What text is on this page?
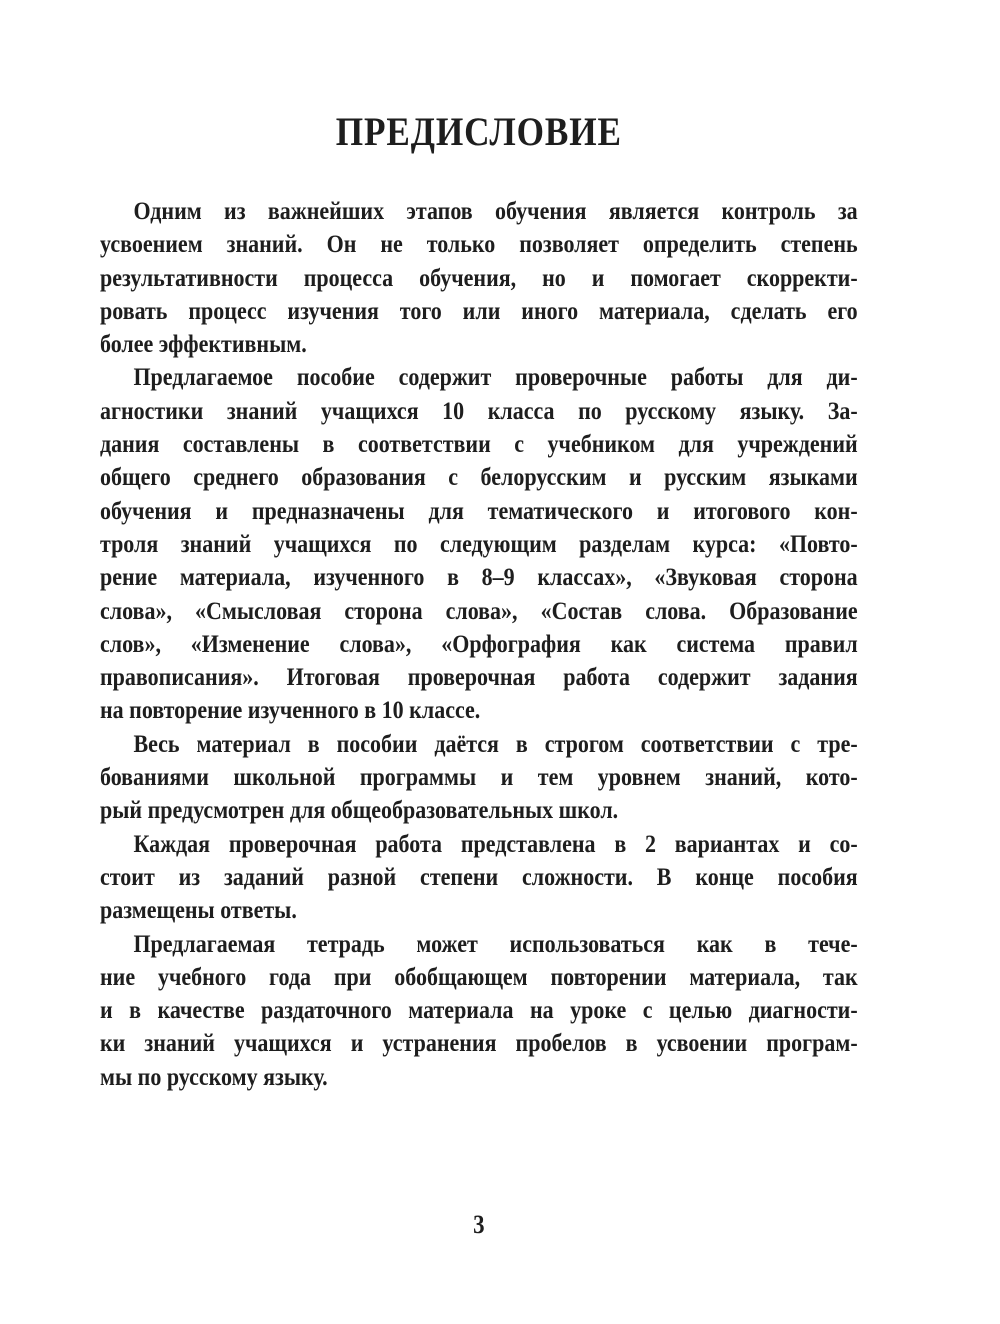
ПРЕДИСЛОВИЕ
Одним из важнейших этапов обучения является контроль за
усвоением знаний. Он не только позволяет определить степень
результативности процесса обучения, но и помогает скорректи-
ровать процесс изучения того или иного материала, сделать его
более эффективным.
Предлагаемое пособие содержит проверочные работы для ди-
агностики знаний учащихся 10 класса по русскому языку. За-
дания составлены в соответствии с учебником для учреждений
общего среднего образования с белорусским и русским языками
обучения и предназначены для тематического и итогового кон-
троля знаний учащихся по следующим разделам курса: «Повто-
рение материала, изученного в 8–9 классах», «Звуковая сторона
слова», «Смысловая сторона слова», «Состав слова. Образование
слов», «Изменение слова», «Орфография как система правил
правописания». Итоговая проверочная работа содержит задания
на повторение изученного в 10 классе.
Весь материал в пособии даётся в строгом соответствии с тре-
бованиями школьной программы и тем уровнем знаний, кото-
рый предусмотрен для общеобразовательных школ.
Каждая проверочная работа представлена в 2 вариантах и со-
стоит из заданий разной степени сложности. В конце пособия
размещены ответы.
Предлагаемая тетрадь может использоваться как в тече-
ние учебного года при обобщающем повторении материала, так
и в качестве раздаточного материала на уроке с целью диагности-
ки знаний учащихся и устранения пробелов в усвоении програм-
мы по русскому языку.
3
